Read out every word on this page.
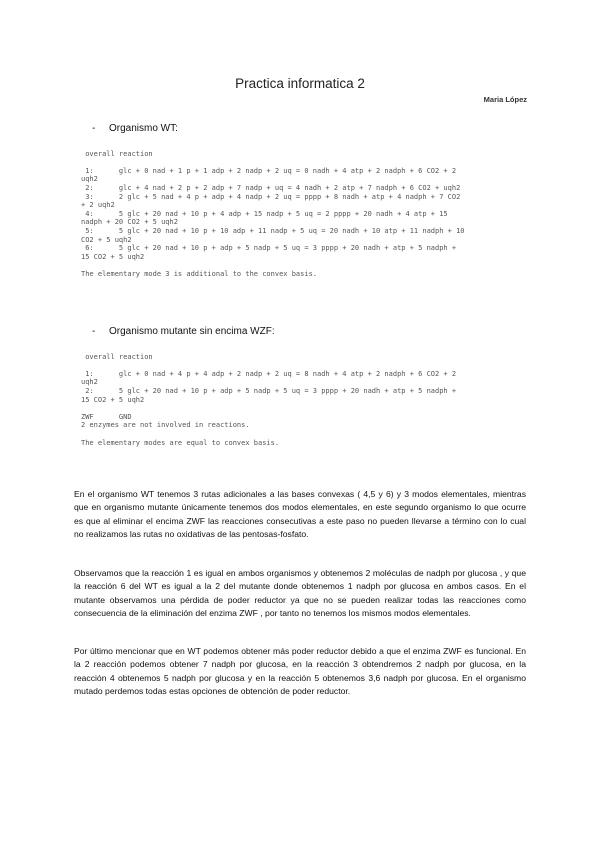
Practica informatica 2
Maria López
- Organismo WT:
overall reaction
1:      glc + 0 nad + 1 p + 1 adp + 2 nadp + 2 uq = 0 nadh + 4 atp + 2 nadph + 6 CO2 + 2
uqh2
2:      glc + 4 nad + 2 p + 2 adp + 7 nadp + uq = 4 nadh + 2 atp + 7 nadph + 6 CO2 + uqh2
3:      2 glc + 5 nad + 4 p + adp + 4 nadp + 2 uq = pppp + 8 nadh + atp + 4 nadph + 7 CO2
+ 2 uqh2
4:      5 glc + 20 nad + 10 p + 4 adp + 15 nadp + 5 uq = 2 pppp + 20 nadh + 4 atp + 15
nadph + 20 CO2 + 5 uqh2
5:      5 glc + 20 nad + 10 p + 10 adp + 11 nadp + 5 uq = 20 nadh + 10 atp + 11 nadph + 10
CO2 + 5 uqh2
6:      5 glc + 20 nad + 10 p + adp + 5 nadp + 5 uq = 3 pppp + 20 nadh + atp + 5 nadph +
15 CO2 + 5 uqh2
The elementary mode 3 is additional to the convex basis.
- Organismo mutante sin encima WZF:
overall reaction
1:      glc + 0 nad + 4 p + 4 adp + 2 nadp + 2 uq = 8 nadh + 4 atp + 2 nadph + 6 CO2 + 2
uqh2
2:      5 glc + 20 nad + 10 p + adp + 5 nadp + 5 uq = 3 pppp + 20 nadh + atp + 5 nadph +
15 CO2 + 5 uqh2
ZWF      GND
2 enzymes are not involved in reactions.
The elementary modes are equal to convex basis.
En el organismo WT tenemos 3 rutas adicionales a las bases convexas ( 4,5 y 6) y 3 modos elementales, mientras que en organismo mutante únicamente tenemos dos modos elementales, en este segundo organismo lo que ocurre es que al eliminar el encima ZWF las reacciones consecutivas a este paso no pueden llevarse a término con lo cual no realizamos las rutas no oxidativas de las pentosas-fosfato.
Observamos que la reacción 1 es igual en ambos organismos y obtenemos 2 moléculas de nadph por glucosa , y que la reacción 6 del WT es igual a la 2 del mutante donde obtenemos 1 nadph por glucosa en ambos casos. En el mutante observamos una pérdida de poder reductor ya que no se pueden realizar todas las reacciones como consecuencia de la eliminación del enzima ZWF , por tanto no tenemos los mismos modos elementales.
Por último mencionar que en WT podemos obtener más poder reductor debido a que el enzima ZWF es funcional. En la 2 reacción podemos obtener 7 nadph por glucosa, en la reacción 3 obtendremos 2 nadph por glucosa, en la reacción 4 obtenemos 5 nadph por glucosa y en la reacción 5 obtenemos 3,6 nadph por glucosa. En el organismo mutado perdemos todas estas opciones de obtención de poder reductor.
